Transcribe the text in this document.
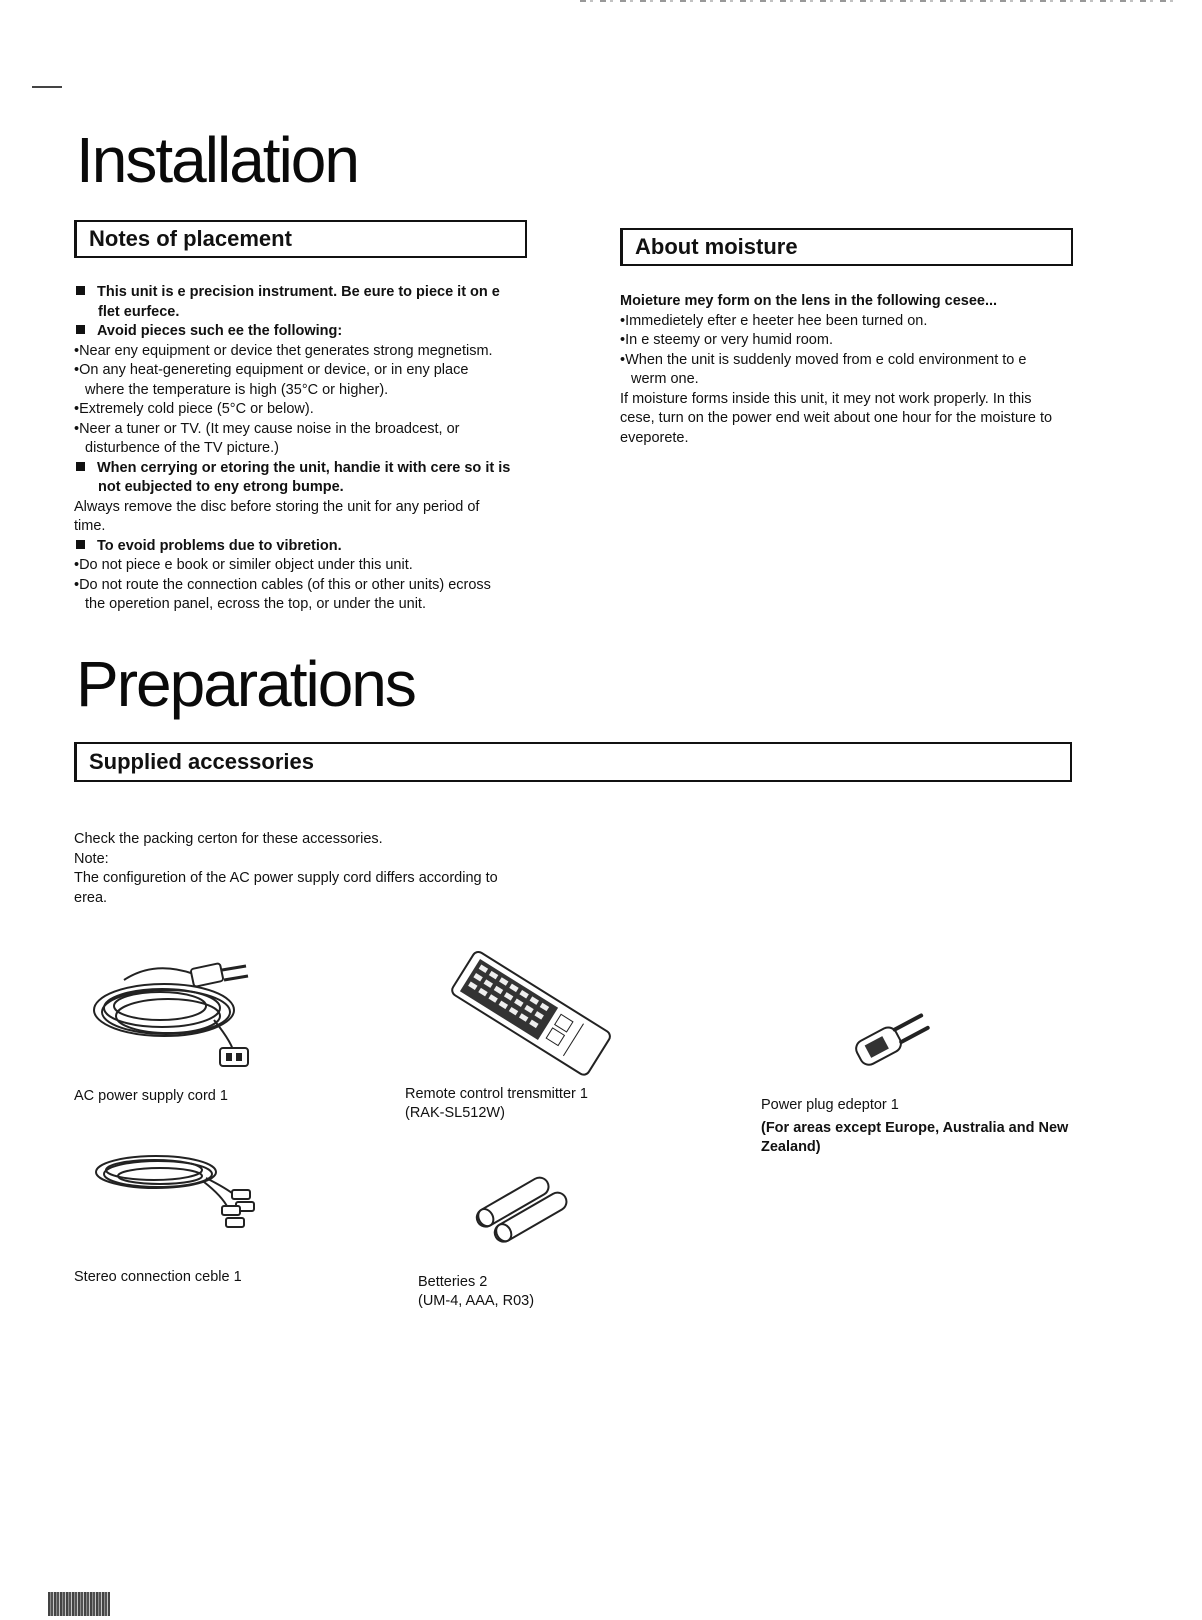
Installation
Notes of placement	About moisture
This unit is e precision instrument. Be eure to piece it on e
flet eurfece.
Avoid pieces such ee the following:
•Near eny equipment or device thet generates strong megnetism.
•On any heat-genereting equipment or device, or in eny place
where the temperature is high (35°C or higher).
•Extremely cold piece (5°C or below).
•Neer a tuner or TV. (It mey cause noise in the broadcest, or
disturbence of the TV picture.)
When cerrying or etoring the unit, handie it with cere so it is
not eubjected to eny etrong bumpe.
Always remove the disc before storing the unit for any period of
time.
To evoid problems due to vibretion.
•Do not piece e book or similer object under this unit.
•Do not route the connection cables (of this or other units) ecross
the operetion panel, ecross the top, or under the unit.
Moieture mey form on the lens in the following cesee...
•Immedietely efter e heeter hee been turned on.
•In e steemy or very humid room.
•When the unit is suddenly moved from e cold environment to e
werm one.
If moisture forms inside this unit, it mey not work properly. In this
cese, turn on the power end weit about one hour for the moisture to
eveporete.
Preparations
Supplied accessories
Check the packing certon for these accessories.
Note:
The configuretion of the AC power supply cord differs according to
erea.
AC power supply cord 1	Remote control trensmitter 1
(RAK-SL512W)	Power plug edeptor 1
(For areas except Europe, Australia and New
Zealand)
Stereo connection ceble 1	Betteries 2
(UM-4, AAA, R03)
